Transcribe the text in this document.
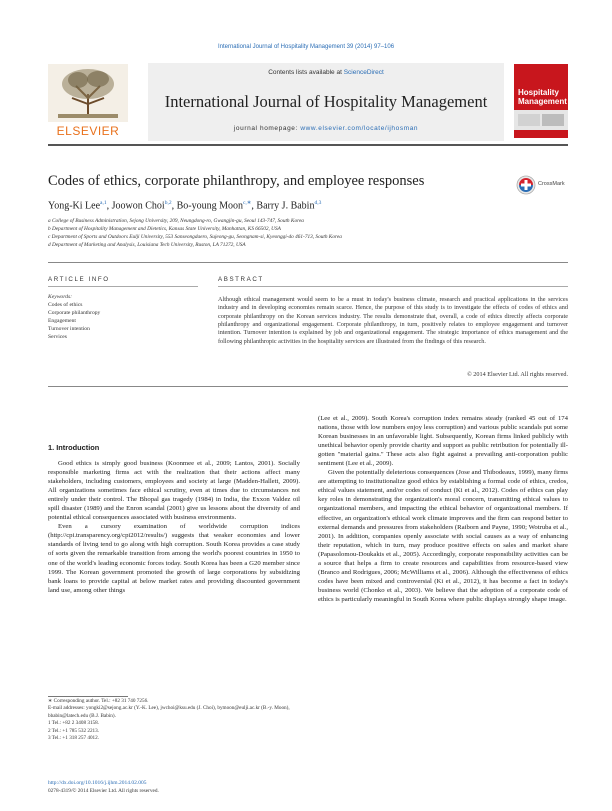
International Journal of Hospitality Management 39 (2014) 97–106
ELSEVIER
Contents lists available at ScienceDirect
International Journal of Hospitality Management
journal homepage: www.elsevier.com/locate/ijhosman
Hospitality Management
Codes of ethics, corporate philanthropy, and employee responses	CrossMark
Yong-Ki Lee$^{a,1}$, Joowon Choi$^{b,2}$, Bo-young Moon$^{c,∗}$, Barry J. Babin$^{d,3}$
a College of Business Administration, Sejong University, 209, Neungdong-ro, Gwangjin-gu, Seoul 143-747, South Korea
b Department of Hospitality Management and Dietetics, Kansas State University, Manhattan, KS 66502, USA
c Department of Sports and Outdoors Eulji University, 553 Sanseongdaero, Sujeong-gu, Seongnam-si, Kyeonggi-do 461-713, South Korea
d Department of Marketing and Analysis, Louisiana Tech University, Ruston, LA 71272, USA
ARTICLE INFO	ABSTRACT
Keywords:
Codes of ethics
Corporate philanthropy
Engagement
Turnover intention
Services
Although ethical management would seem to be a must in today's business climate, research and practical applications in the services industry and in developing economies remain scarce. Hence, the purpose of this study is to investigate the effects of codes of ethics and corporate philanthropy on the Korean services industry. The results demonstrate that, overall, a code of ethics directly affects corporate philanthropy and organizational engagement. Corporate philanthropy, in turn, positively relates to employee engagement and turnover intention. Turnover intention is explained by job and organizational engagement. The strategic importance of ethics management and the following philanthropic activities in the hospitality services are illustrated from the findings of this research.
© 2014 Elsevier Ltd. All rights reserved.
1. Introduction

Good ethics is simply good business (Koonmee et al., 2009; Lantos, 2001). Socially responsible marketing firms act with the realization that their actions affect many stakeholders, including customers, employees and society at large (Madden-Hallett, 2009). All organizations sometimes face ethical scrutiny, even at times due to circumstances not entirely under their control. The Bhopal gas tragedy (1984) in India, the Exxon Valdez oil spill disaster (1989) and the Enron scandal (2001) give us lessons about the diversity of and potential ethical consequences associated with business environments.

Even a cursory examination of worldwide corruption indices (http://cpi.transparency.org/cpi2012/results/) suggests that weaker economies and lower standards of living tend to go along with high corruption. South Korea provides a case study of sorts given the remarkable transition from among the world's poorest countries in 1950 to one of the world's leading economic forces today. South Korea has been a G20 member since 1999. The Korean government promoted the growth of large corporations by subsidizing bank loans to provide capital at below market rates and providing discounted government land use, among other things

(Lee et al., 2009). South Korea's corruption index remains steady (ranked 45 out of 174 nations, those with low numbers enjoy less corruption) and various public scandals put some Korean businesses in an unfavorable light. Subsequently, Korean firms linked publicly with unethical behavior openly provide charity and support as public retribution for potentially ill-gotten "material gains." These acts also fight against a prevailing anti-corporation public sentiment (Lee et al., 2009).

Given the potentially deleterious consequences (Jose and Thibodeaux, 1999), many firms are attempting to institutionalize good ethics by establishing a formal code of ethics, credos, ethical values statement, and/or codes of conduct (Ki et al., 2012). Codes of ethics can play key roles in demonstrating the organization's moral concern, transmitting ethical values to organizational members, and impacting the ethical behavior of organizational members. If effective, an organization's ethical work climate improves and the firm can respond better to external demands and pressures from stakeholders (Raiborn and Payne, 1990; Wotruba et al., 2001). In addition, companies openly associate with social causes as a way of enhancing their reputation, which in turn, may produce positive effects on sales and market share (Papasolomou-Doukakis et al., 2005). Accordingly, corporate responsibility activities can be a source that helps a firm to create resources and capabilities from resource-based view (Branco and Rodrigues, 2006; McWilliams et al., 2006). Although the effectiveness of ethics codes have been mixed and controversial (Ki et al., 2012), it has become a fact in today's business world (Chonko et al., 2003). We believe that the adoption of a corporate code of ethics is particularly meaningful in South Korea where public displays strongly shape image.

∗ Corresponding author. Tel.: +82 31 740 7256.
E-mail addresses: yongki2@sejong.ac.kr (Y.-K. Lee), jwchoi@ksu.edu (J. Choi), bymoon@eulji.ac.kr (B.-y. Moon), bbabin@latech.edu (B.J. Babin).
1 Tel.: +82 2 3408 3158.
2 Tel.: +1 785 532 2213.
3 Tel.: +1 318 257 4012.
http://dx.doi.org/10.1016/j.ijhm.2014.02.005
0278-4319/© 2014 Elsevier Ltd. All rights reserved.
